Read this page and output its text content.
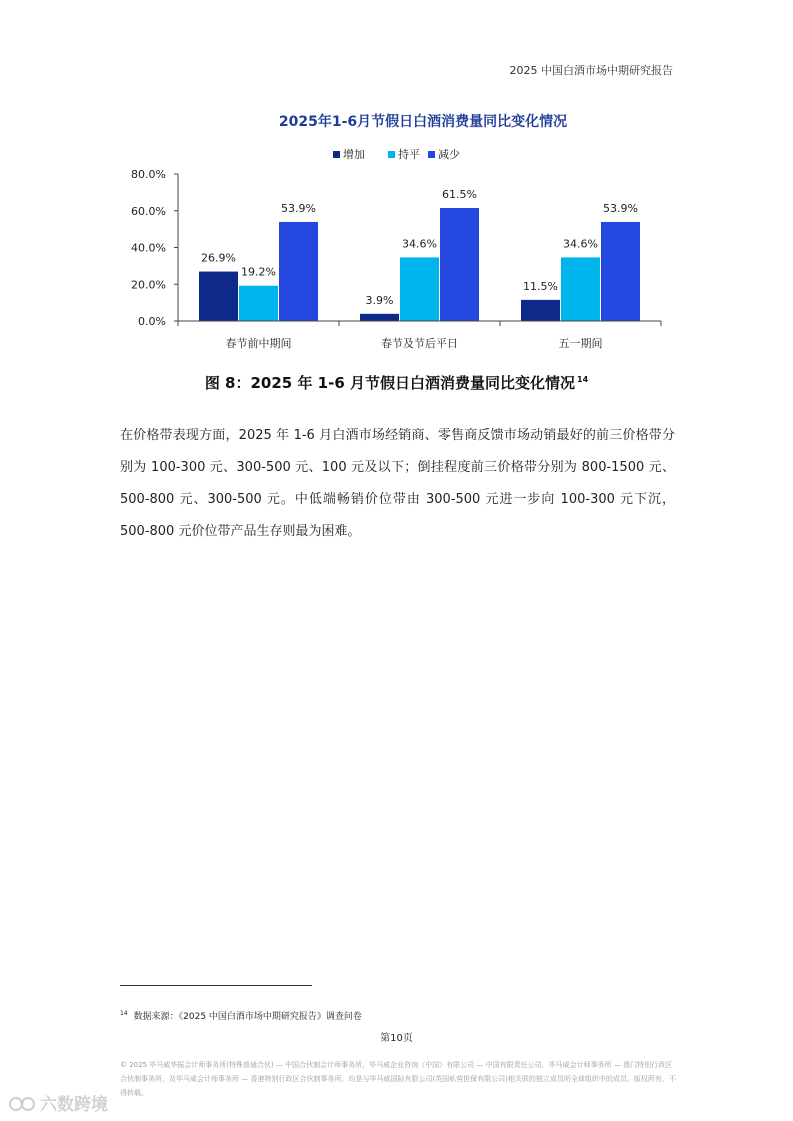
2025 中国白酒市场中期研究报告
2025年1-6月节假日白酒消费量同比变化情况
增加	持平 减少
0.0%
20.0%
40.0%
60.0%
80.0%
26.9%
19.2%
53.9%
3.9%
34.6%
61.5%
11.5%
34.6%
53.9%
春节前中期间	春节及节后平日	五一期间
图 8：2025 年 1-6 月节假日白酒消费量同比变化情况 $^{14}$
在价格带表现方面，2025 年 1-6 月白酒市场经销商、零售商反馈市场动销最好的前三价格带分别为 100-300 元、300-500 元、100 元及以下；倒挂程度前三价格带分别为 800-1500 元、500-800 元、300-500 元。中低端畅销价位带由 300-500 元进一步向 100-300 元下沉，500-800 元价位带产品生存则最为困难。
$^{14}$ 数据来源：《2025 中国白酒市场中期研究报告》调查问卷
第10页
© 2025 毕马威华振会计师事务所(特殊普通合伙) — 中国合伙制会计师事务所，毕马威企业咨询（中国）有限公司 — 中国有限责任公司，毕马威会计师事务所 — 澳门特别行政区合伙制事务所，及毕马威会计师事务所 — 香港特别行政区合伙制事务所，均是与毕马威国际有限公司(英国私营担保有限公司)相关联的独立成员所全球组织中的成员。版权所有，不得转载。
六数跨境
